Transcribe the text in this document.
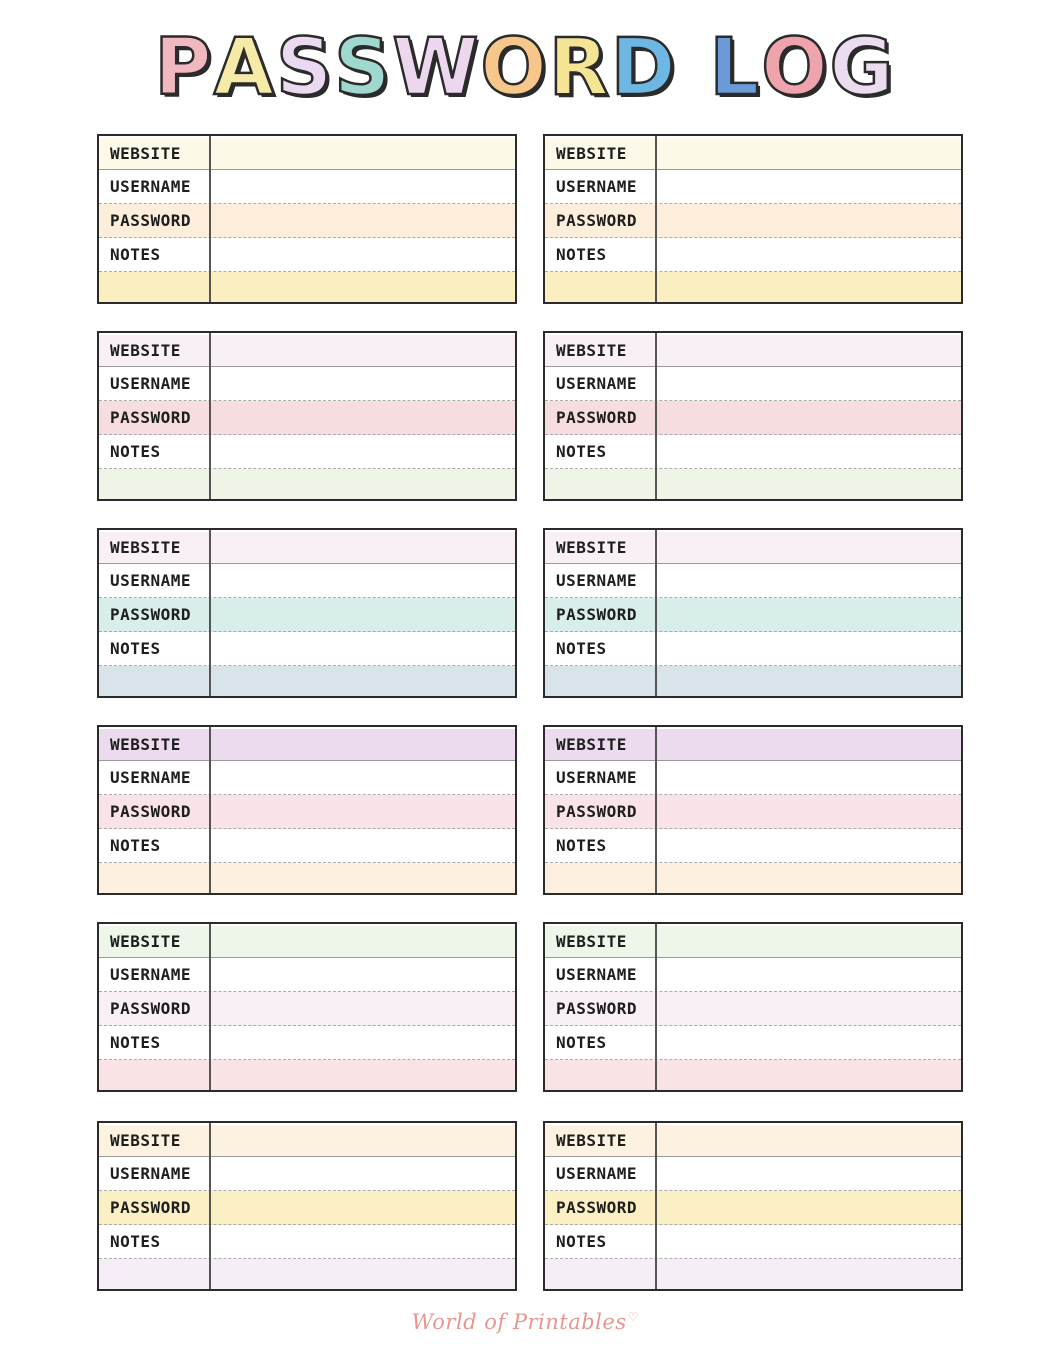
PASSWORD LOG
WEBSITE
USERNAME
PASSWORD
NOTES
WEBSITE
USERNAME
PASSWORD
NOTES
WEBSITE
USERNAME
PASSWORD
NOTES
WEBSITE
USERNAME
PASSWORD
NOTES
WEBSITE
USERNAME
PASSWORD
NOTES
WEBSITE
USERNAME
PASSWORD
NOTES
WEBSITE
USERNAME
PASSWORD
NOTES
WEBSITE
USERNAME
PASSWORD
NOTES
WEBSITE
USERNAME
PASSWORD
NOTES
WEBSITE
USERNAME
PASSWORD
NOTES
WEBSITE
USERNAME
PASSWORD
NOTES
WEBSITE
USERNAME
PASSWORD
NOTES
World of Printables♡
